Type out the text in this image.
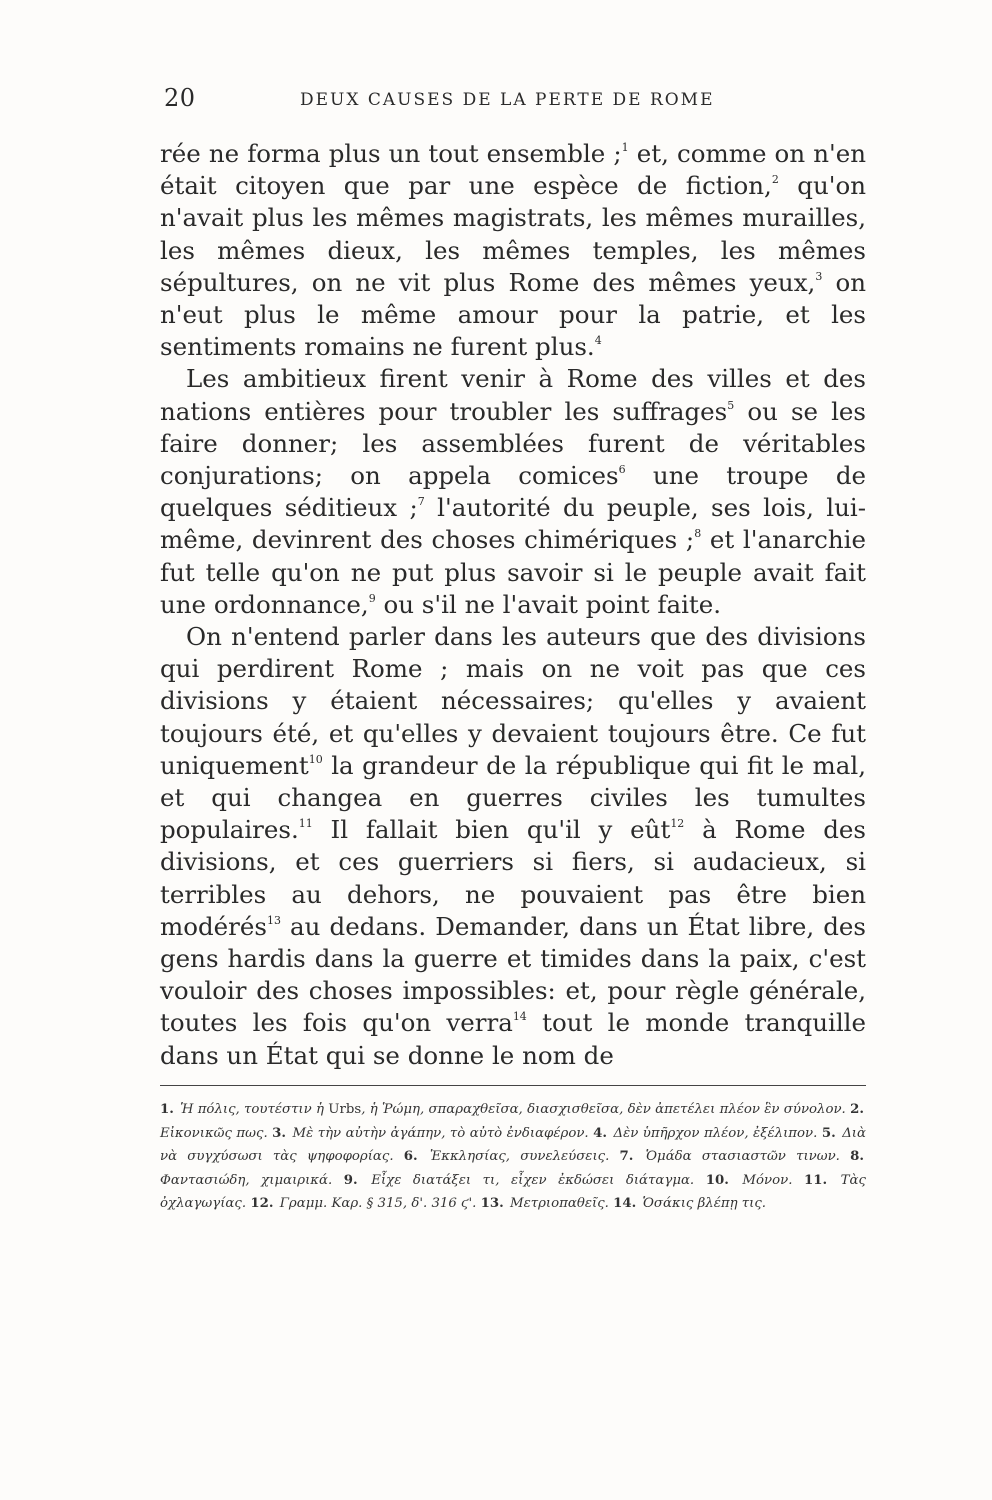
20	DEUX CAUSES DE LA PERTE DE ROME

rée ne forma plus un tout ensemble ;$^1$ et, comme on n'en était citoyen que par une espèce de fiction,$^2$ qu'on n'avait plus les mêmes magistrats, les mêmes murailles, les mêmes dieux, les mêmes temples, les mêmes sépultures, on ne vit plus Rome des mêmes yeux,$^3$ on n'eut plus le même amour pour la patrie, et les sentiments romains ne furent plus.$^4$

Les ambitieux firent venir à Rome des villes et des nations entières pour troubler les suffrages$^5$ ou se les faire donner; les assemblées furent de véritables conjurations; on appela comices$^6$ une troupe de quelques séditieux ;$^7$ l'autorité du peuple, ses lois, lui-même, devinrent des choses chimériques ;$^8$ et l'anarchie fut telle qu'on ne put plus savoir si le peuple avait fait une ordonnance,$^9$ ou s'il ne l'avait point faite.

On n'entend parler dans les auteurs que des divisions qui perdirent Rome ; mais on ne voit pas que ces divisions y étaient nécessaires; qu'elles y avaient toujours été, et qu'elles y devaient toujours être. Ce fut uniquement$^{10}$ la grandeur de la république qui fit le mal, et qui changea en guerres civiles les tumultes populaires.$^{11}$ Il fallait bien qu'il y eût$^{12}$ à Rome des divisions, et ces guerriers si fiers, si audacieux, si terribles au dehors, ne pouvaient pas être bien modérés$^{13}$ au dedans. Demander, dans un État libre, des gens hardis dans la guerre et timides dans la paix, c'est vouloir des choses impossibles: et, pour règle générale, toutes les fois qu'on verra$^{14}$ tout le monde tranquille dans un État qui se donne le nom de

1. Ἡ πόλις, τουτέστιν ἡ Urbs, ἡ Ῥώμη, σπαραχθεῖσα, διασχισθεῖσα, δὲν ἀπετέλει πλέον ἓν σύνολον. 2. Εἰκονικῶς πως. 3. Μὲ τὴν αὐτὴν ἀγάπην, τὸ αὐτὸ ἐνδιαφέρον. 4. Δὲν ὑπῆρχον πλέον, ἐξέλιπον. 5. Διὰ νὰ συγχύσωσι τὰς ψηφοφορίας. 6. Ἐκκλησίας, συνελεύσεις. 7. Ὁμάδα στασιαστῶν τινων. 8. Φαντασιώδη, χιμαιρικά. 9. Εἶχε διατάξει τι, εἶχεν ἐκδώσει διάταγμα. 10. Μόνον. 11. Τὰς ὀχλαγωγίας. 12. Γραμμ. Καρ. § 315, δ'. 316 ϛ'. 13. Μετριοπαθεῖς. 14. Ὁσάκις βλέπῃ τις.
